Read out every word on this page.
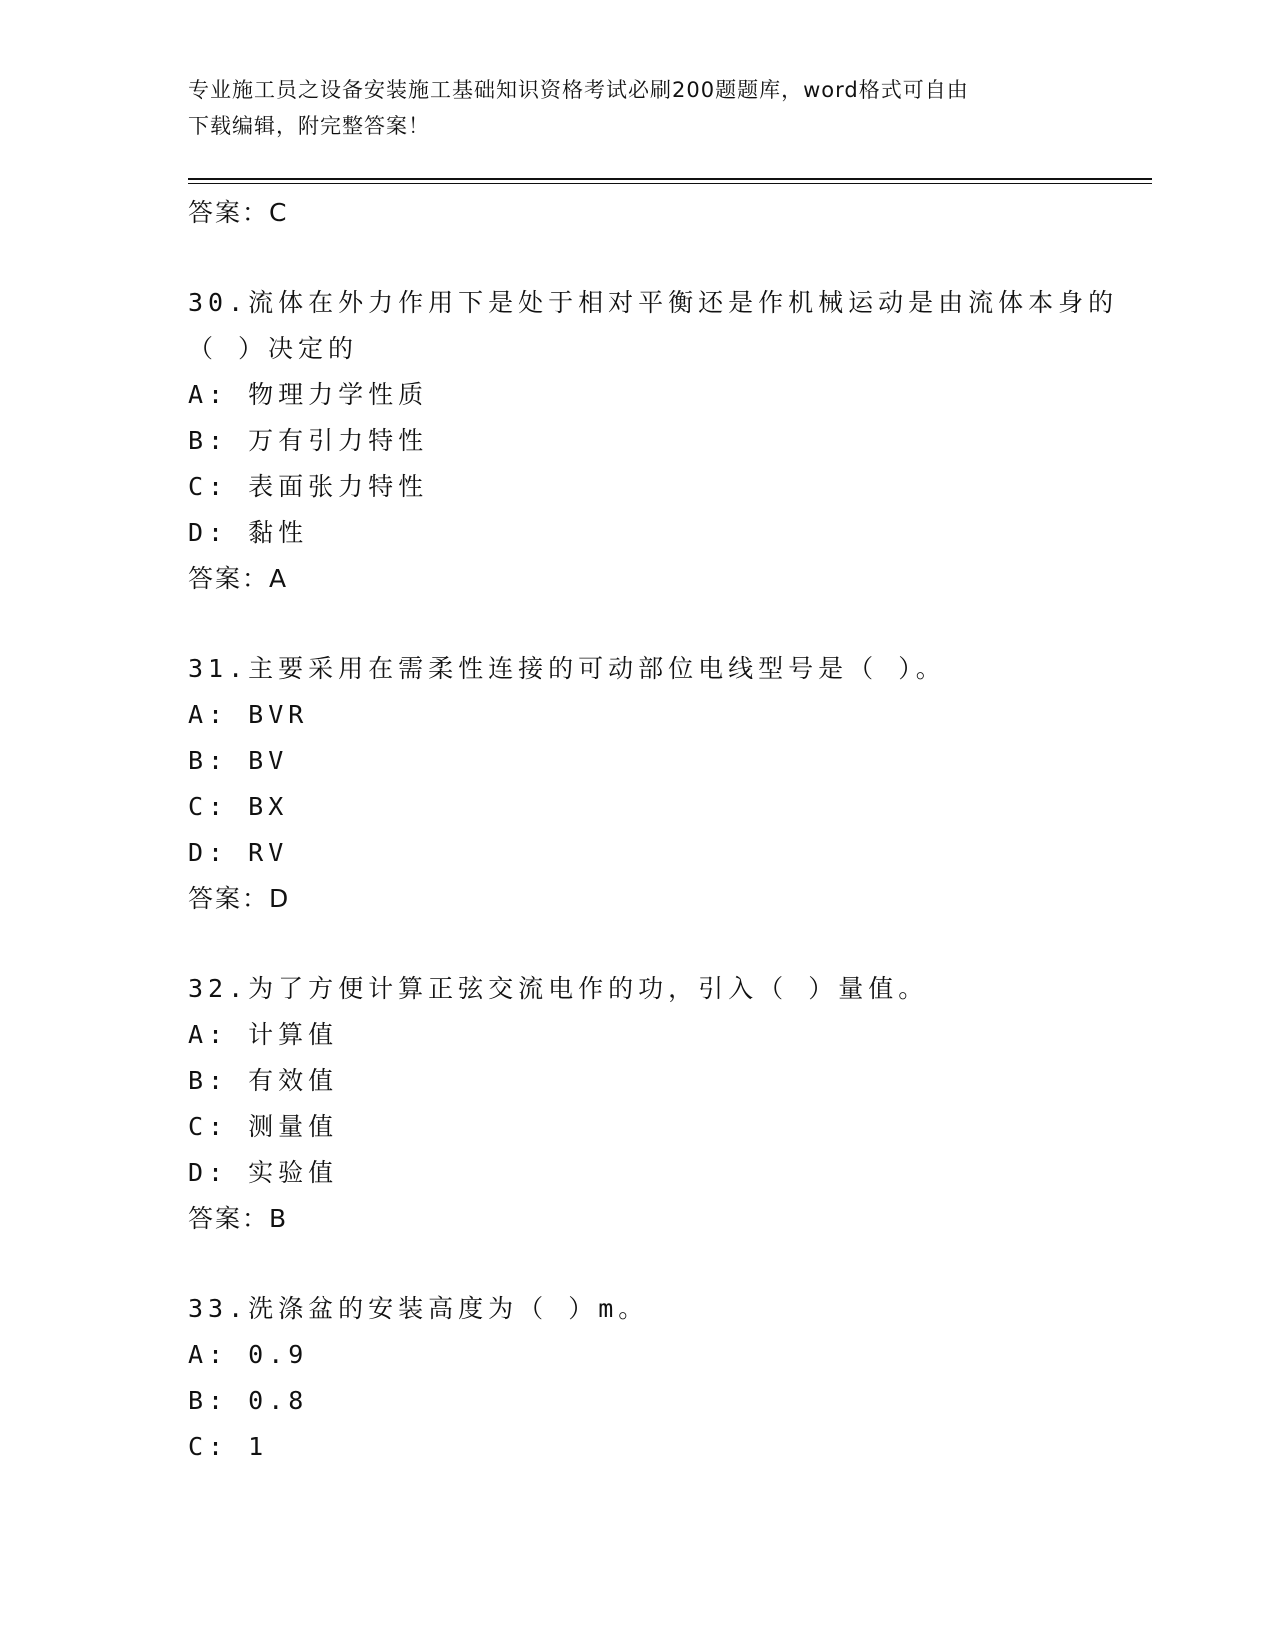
专业施工员之设备安装施工基础知识资格考试必刷200题题库，word格式可自由
下载编辑，附完整答案！
答案：C
30.流体在外力作用下是处于相对平衡还是作机械运动是由流体本身的
（ ）决定的
A: 物理力学性质
B: 万有引力特性
C: 表面张力特性
D: 黏性
答案：A
31.主要采用在需柔性连接的可动部位电线型号是（ ）。
A: BVR
B: BV
C: BX
D: RV
答案：D
32.为了方便计算正弦交流电作的功，引入（ ）量值。
A: 计算值
B: 有效值
C: 测量值
D: 实验值
答案：B
33.洗涤盆的安装高度为（ ）m。
A: 0.9
B: 0.8
C: 1
